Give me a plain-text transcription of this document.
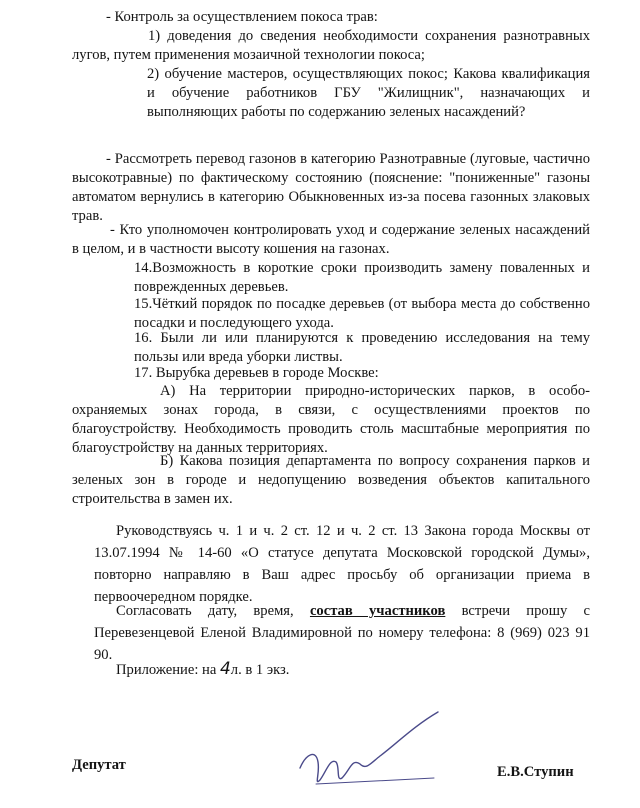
- Контроль за осуществлением покоса трав:

1) доведения до сведения необходимости сохранения разнотравных лугов, путем применения мозаичной технологии покоса;

2) обучение мастеров, осуществляющих покос; Какова квалификация и обучение работников ГБУ "Жилищник", назначающих и выполняющих работы по содержанию зеленых насаждений?

- Рассмотреть перевод газонов в категорию Разнотравные (луговые, частично высокотравные) по фактическому состоянию (пояснение: "пониженные" газоны автоматом вернулись в категорию Обыкновенных из-за посева газонных злаковых трав.

- Кто уполномочен контролировать уход и содержание зеленых насаждений в целом, и в частности высоту кошения на газонах.

14.Возможность в короткие сроки производить замену поваленных и поврежденных деревьев.

15.Чёткий порядок по посадке деревьев (от выбора места до собственно посадки и последующего ухода.

16. Были ли или планируются к проведению исследования на тему пользы или вреда уборки листвы.

17. Вырубка деревьев в городе Москве:

А) На территории природно-исторических парков, в особо-охраняемых зонах города, в связи, с осуществлениями проектов по благоустройству. Необходимость проводить столь масштабные мероприятия по благоустройству на данных территориях.

Б) Какова позиция департамента по вопросу сохранения парков и зеленых зон в городе и недопущению возведения объектов капитального строительства в замен их.

Руководствуясь ч. 1 и ч. 2 ст. 12 и ч. 2 ст. 13 Закона города Москвы от 13.07.1994 № 14-60 «О статусе депутата Московской городской Думы», повторно направляю в Ваш адрес просьбу об организации приема в первоочередном порядке.

Согласовать дату, время, состав участников встречи прошу с Перевезенцевой Еленой Владимировной по номеру телефона: 8 (969) 023 91 90.

Приложение: на 4л. в 1 экз.

Депутат	Е.В.Ступин
